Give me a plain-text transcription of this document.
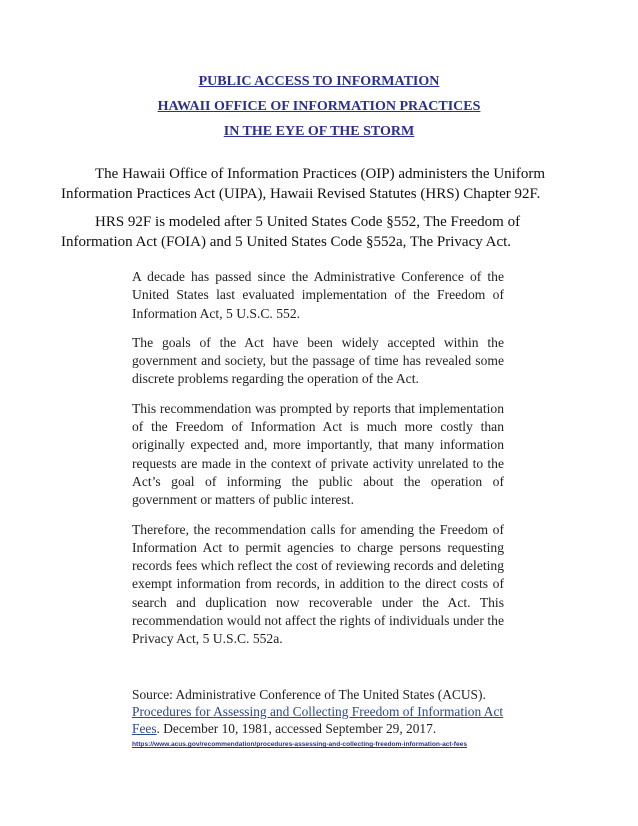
PUBLIC ACCESS TO INFORMATION
HAWAII OFFICE OF INFORMATION PRACTICES
IN THE EYE OF THE STORM

The Hawaii Office of Information Practices (OIP) administers the Uniform Information Practices Act (UIPA), Hawaii Revised Statutes (HRS) Chapter 92F.

HRS 92F is modeled after 5 United States Code §552, The Freedom of Information Act (FOIA) and 5 United States Code §552a, The Privacy Act.

A decade has passed since the Administrative Conference of the United States last evaluated implementation of the Freedom of Information Act, 5 U.S.C. 552.

The goals of the Act have been widely accepted within the government and society, but the passage of time has revealed some discrete problems regarding the operation of the Act.

This recommendation was prompted by reports that implementation of the Freedom of Information Act is much more costly than originally expected and, more importantly, that many information requests are made in the context of private activity unrelated to the Act’s goal of informing the public about the operation of government or matters of public interest.

Therefore, the recommendation calls for amending the Freedom of Information Act to permit agencies to charge persons requesting records fees which reflect the cost of reviewing records and deleting exempt information from records, in addition to the direct costs of search and duplication now recoverable under the Act. This recommendation would not affect the rights of individuals under the Privacy Act, 5 U.S.C. 552a.

Source: Administrative Conference of The United States (ACUS). Procedures for Assessing and Collecting Freedom of Information Act Fees. December 10, 1981, accessed September 29, 2017.
https://www.acus.gov/recommendation/procedures-assessing-and-collecting-freedom-information-act-fees
